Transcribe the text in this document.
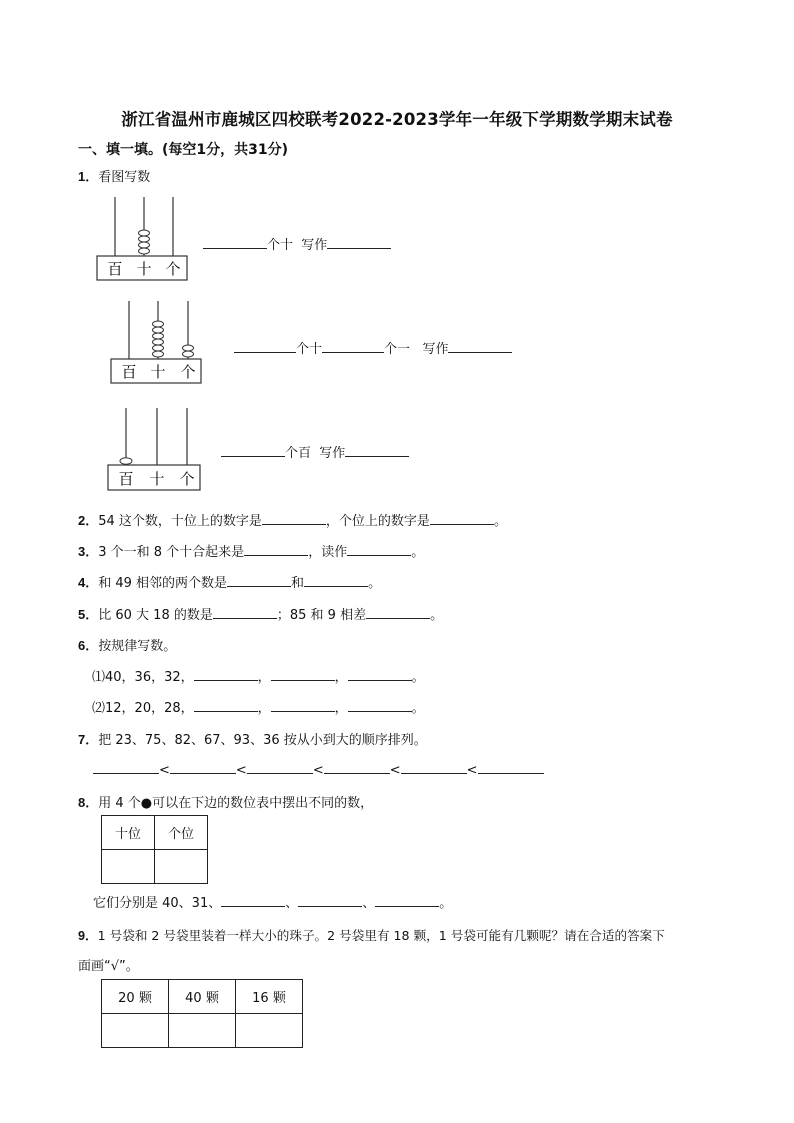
浙江省温州市鹿城区四校联考2022-2023学年一年级下学期数学期末试卷
一、填一填。(每空1分，共31分)
1．看图写数
百 十 个
个十 写作
百 十 个
个十	个一 写作
百 十 个
个百 写作
2．54 这个数，十位上的数字是	，个位上的数字是	。
3．3 个一和 8 个十合起来是	，读作	。
4．和 49 相邻的两个数是	和	。
5．比 60 大 18 的数是	；85 和 9 相差	。
6．按规律写数。
⑴40，36，32，	，	，	。
⑵12，20，28，	，	，	。
7．把 23、75、82、67、93、36 按从小到大的顺序排列。
<	<	<	<	<
8．用 4 个●可以在下边的数位表中摆出不同的数，
十位	个位

它们分别是 40、31、	、	、	。
9．1 号袋和 2 号袋里装着一样大小的珠子。2 号袋里有 18 颗，1 号袋可能有几颗呢？请在合适的答案下
面画“√”。
20 颗	40 颗	16 颗
